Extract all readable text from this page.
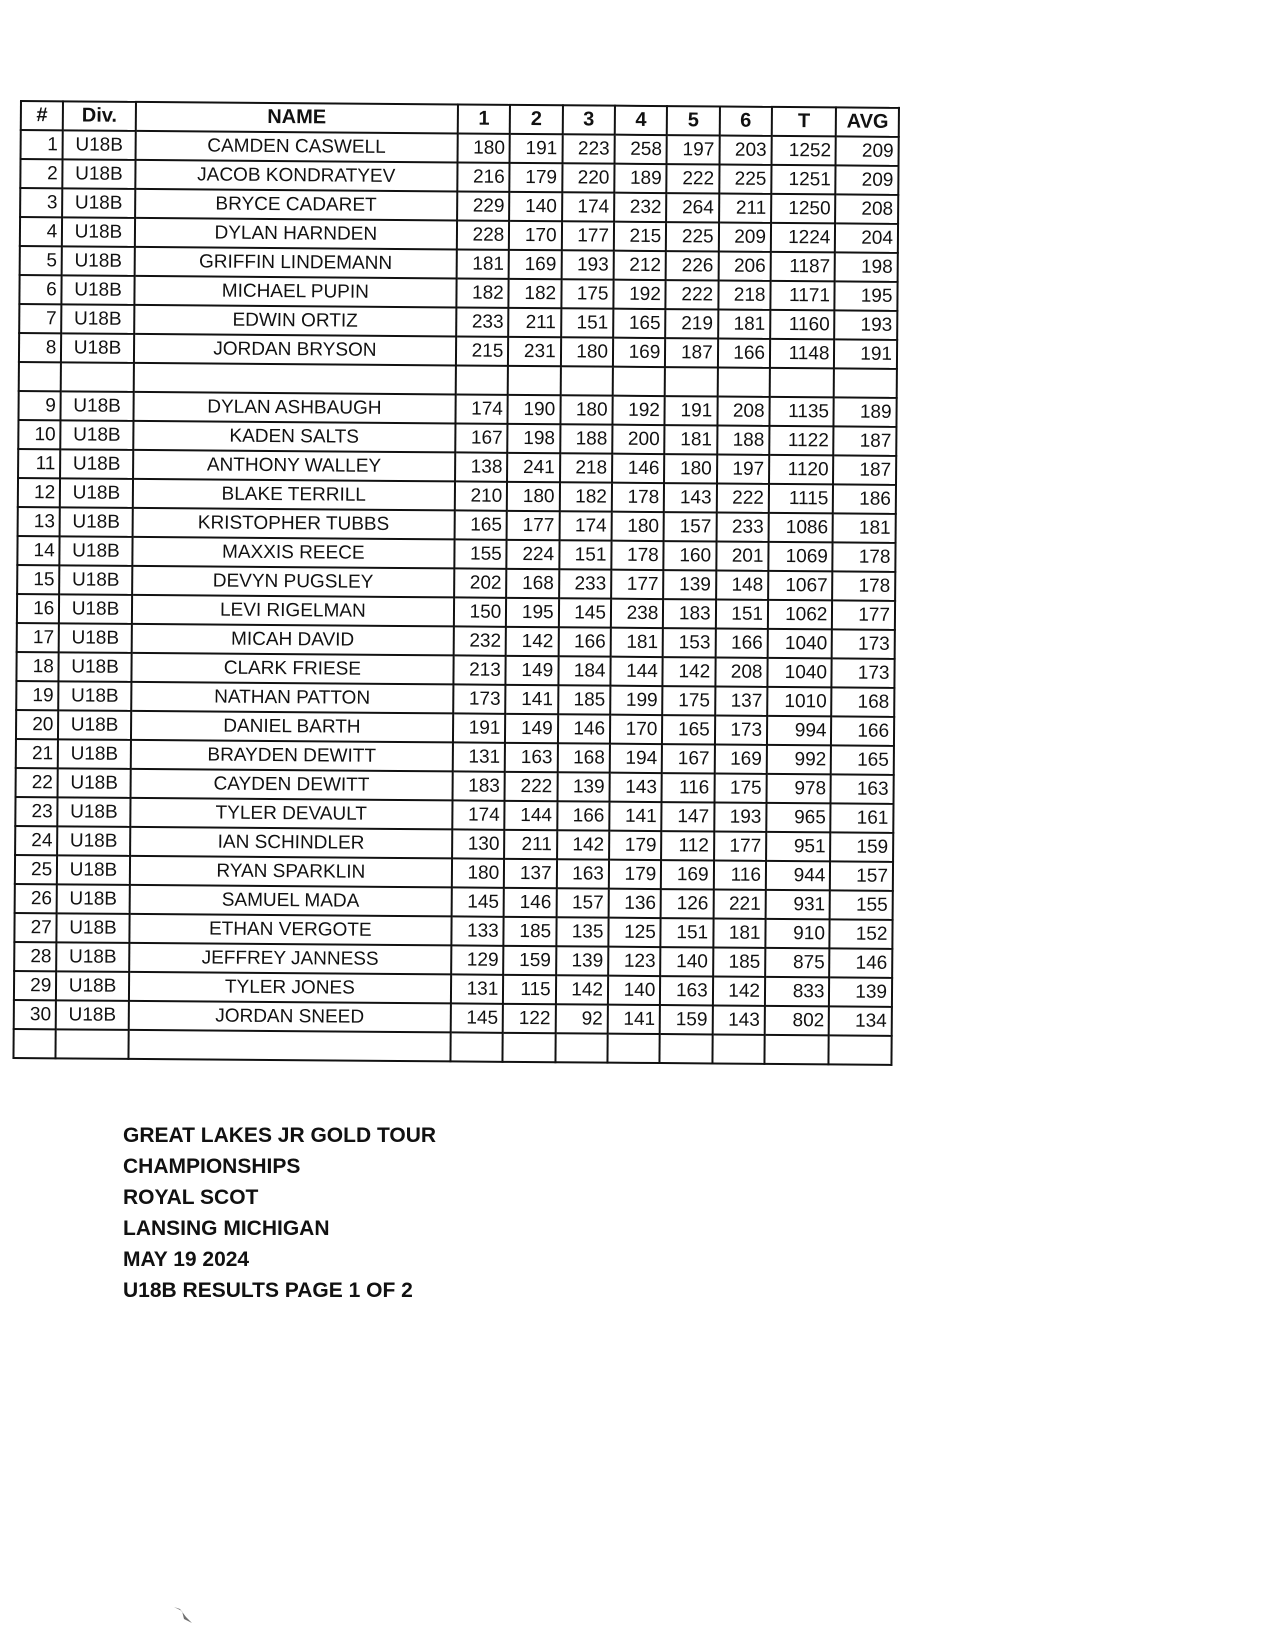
#	Div.	NAME	1	2	3	4	5	6	T	AVG
1	U18B	CAMDEN CASWELL	180	191	223	258	197	203	1252	209
2	U18B	JACOB KONDRATYEV	216	179	220	189	222	225	1251	209
3	U18B	BRYCE CADARET	229	140	174	232	264	211	1250	208
4	U18B	DYLAN HARNDEN	228	170	177	215	225	209	1224	204
5	U18B	GRIFFIN LINDEMANN	181	169	193	212	226	206	1187	198
6	U18B	MICHAEL PUPIN	182	182	175	192	222	218	1171	195
7	U18B	EDWIN ORTIZ	233	211	151	165	219	181	1160	193
8	U18B	JORDAN BRYSON	215	231	180	169	187	166	1148	191

9	U18B	DYLAN ASHBAUGH	174	190	180	192	191	208	1135	189
10	U18B	KADEN SALTS	167	198	188	200	181	188	1122	187
11	U18B	ANTHONY WALLEY	138	241	218	146	180	197	1120	187
12	U18B	BLAKE TERRILL	210	180	182	178	143	222	1115	186
13	U18B	KRISTOPHER TUBBS	165	177	174	180	157	233	1086	181
14	U18B	MAXXIS REECE	155	224	151	178	160	201	1069	178
15	U18B	DEVYN PUGSLEY	202	168	233	177	139	148	1067	178
16	U18B	LEVI RIGELMAN	150	195	145	238	183	151	1062	177
17	U18B	MICAH DAVID	232	142	166	181	153	166	1040	173
18	U18B	CLARK FRIESE	213	149	184	144	142	208	1040	173
19	U18B	NATHAN PATTON	173	141	185	199	175	137	1010	168
20	U18B	DANIEL BARTH	191	149	146	170	165	173	994	166
21	U18B	BRAYDEN DEWITT	131	163	168	194	167	169	992	165
22	U18B	CAYDEN DEWITT	183	222	139	143	116	175	978	163
23	U18B	TYLER DEVAULT	174	144	166	141	147	193	965	161
24	U18B	IAN SCHINDLER	130	211	142	179	112	177	951	159
25	U18B	RYAN SPARKLIN	180	137	163	179	169	116	944	157
26	U18B	SAMUEL MADA	145	146	157	136	126	221	931	155
27	U18B	ETHAN VERGOTE	133	185	135	125	151	181	910	152
28	U18B	JEFFREY JANNESS	129	159	139	123	140	185	875	146
29	U18B	TYLER JONES	131	115	142	140	163	142	833	139
30	U18B	JORDAN SNEED	145	122	92	141	159	143	802	134

GREAT LAKES JR GOLD TOUR
CHAMPIONSHIPS
ROYAL SCOT
LANSING MICHIGAN
MAY 19 2024
U18B RESULTS PAGE 1 OF 2
